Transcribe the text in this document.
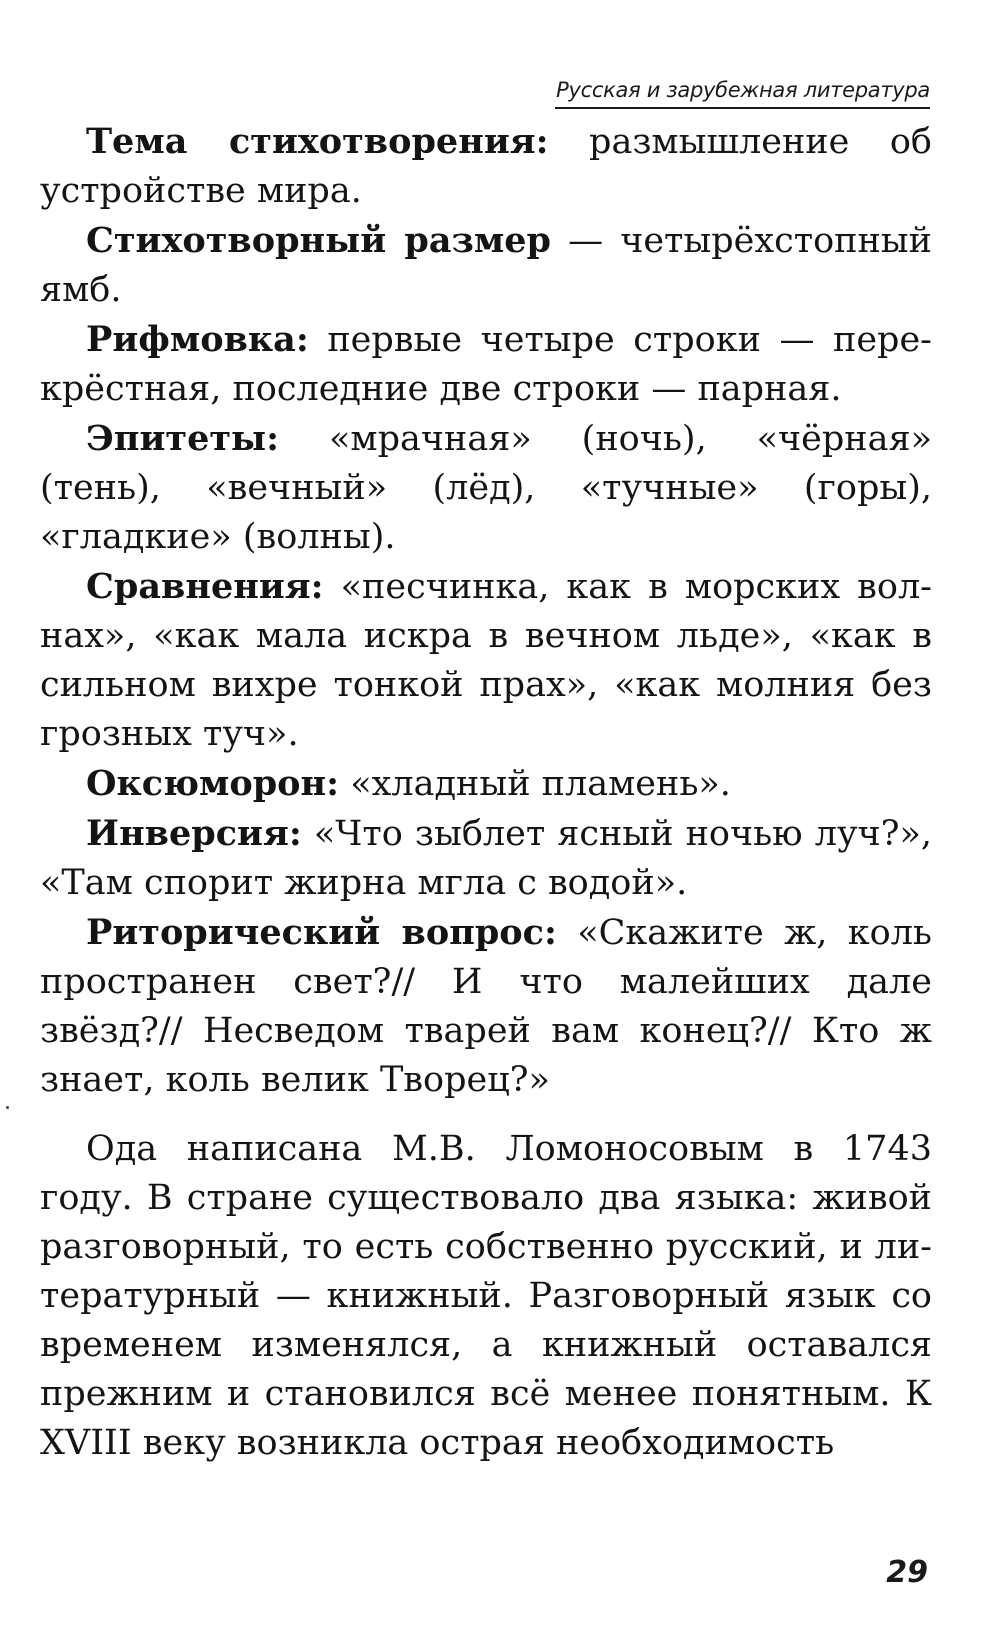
Русская и зарубежная литература

Тема стихотворения: размышление об устройстве мира.

Стихотворный размер — четырёхстопный ямб.

Рифмовка: первые четыре строки — перекрёстная, последние две строки — парная.

Эпитеты: «мрачная» (ночь), «чёрная» (тень), «вечный» (лёд), «тучные» (горы), «гладкие» (волны).

Сравнения: «песчинка, как в морских волнах», «как мала искра в вечном льде», «как в сильном вихре тонкой прах», «как молния без грозных туч».

Оксюморон: «хладный пламень».

Инверсия: «Что зыблет ясный ночью луч?», «Там спорит жирна мгла с водой».

Риторический вопрос: «Скажите ж, коль пространен свет?// И что малейших дале звёзд?// Несведом тварей вам конец?// Кто ж знает, коль велик Творец?»

Ода написана М.В. Ломоносовым в 1743 году. В стране существовало два языка: живой разговорный, то есть собственно русский, и литературный — книжный. Разговорный язык со временем изменялся, а книжный оставался прежним и становился всё менее понятным. К XVIII веку возникла острая необходимость

29
